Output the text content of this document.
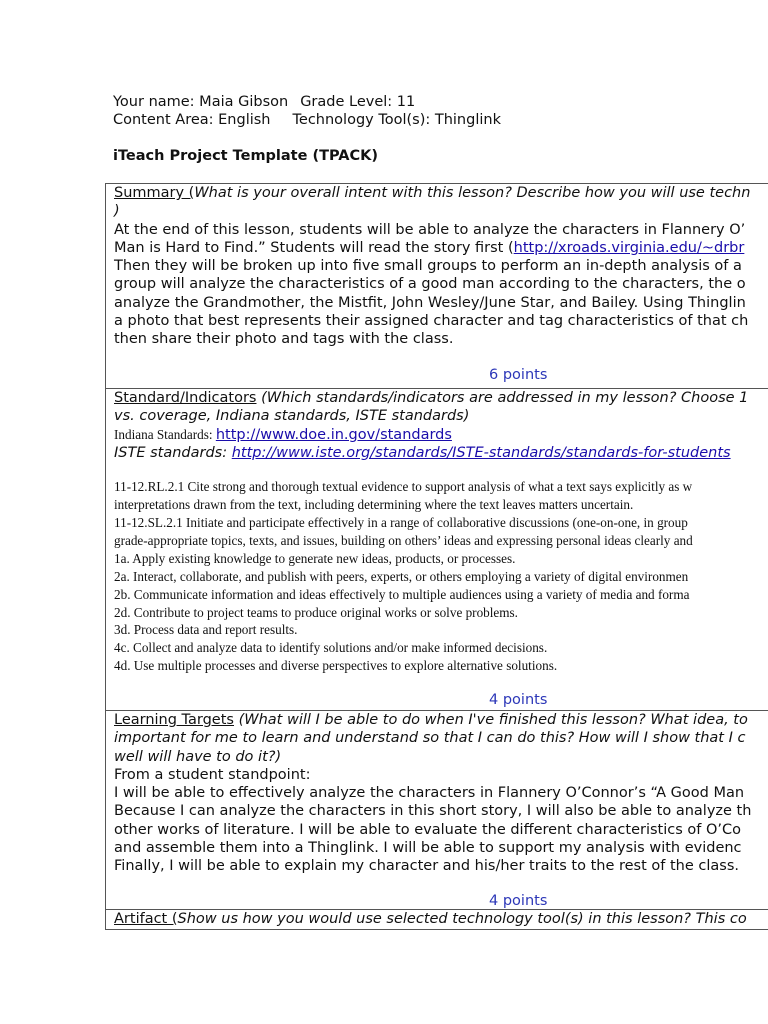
Your name: Maia Gibson Grade Level: 11
Content Area: English Technology Tool(s): Thinglink
iTeach Project Template (TPACK)
Summary (What is your overall intent with this lesson? Describe how you will use techn
)
At the end of this lesson, students will be able to analyze the characters in Flannery O’
Man is Hard to Find.” Students will read the story first (http://xroads.virginia.edu/~drbr
Then they will be broken up into five small groups to perform an in-depth analysis of a
group will analyze the characteristics of a good man according to the characters, the o
analyze the Grandmother, the Mistfit, John Wesley/June Star, and Bailey. Using Thinglin
a photo that best represents their assigned character and tag characteristics of that ch
then share their photo and tags with the class.
6 points
Standard/Indicators (Which standards/indicators are addressed in my lesson? Choose 1
vs. coverage, Indiana standards, ISTE standards)
Indiana Standards: http://www.doe.in.gov/standards
ISTE standards: http://www.iste.org/standards/ISTE-standards/standards-for-students
11-12.RL.2.1 Cite strong and thorough textual evidence to support analysis of what a text says explicitly as w
interpretations drawn from the text, including determining where the text leaves matters uncertain.
11-12.SL.2.1 Initiate and participate effectively in a range of collaborative discussions (one-on-one, in group
grade-appropriate topics, texts, and issues, building on others’ ideas and expressing personal ideas clearly and
1a. Apply existing knowledge to generate new ideas, products, or processes.
2a. Interact, collaborate, and publish with peers, experts, or others employing a variety of digital environmen
2b. Communicate information and ideas effectively to multiple audiences using a variety of media and forma
2d. Contribute to project teams to produce original works or solve problems.
3d. Process data and report results.
4c. Collect and analyze data to identify solutions and/or make informed decisions.
4d. Use multiple processes and diverse perspectives to explore alternative solutions.
4 points
Learning Targets (What will I be able to do when I've finished this lesson? What idea, to
important for me to learn and understand so that I can do this? How will I show that I c
well will have to do it?)
From a student standpoint:
I will be able to effectively analyze the characters in Flannery O’Connor’s “A Good Man
Because I can analyze the characters in this short story, I will also be able to analyze th
other works of literature. I will be able to evaluate the different characteristics of O’Co
and assemble them into a Thinglink. I will be able to support my analysis with evidenc
Finally, I will be able to explain my character and his/her traits to the rest of the class.
4 points
Artifact (Show us how you would use selected technology tool(s) in this lesson? This co
